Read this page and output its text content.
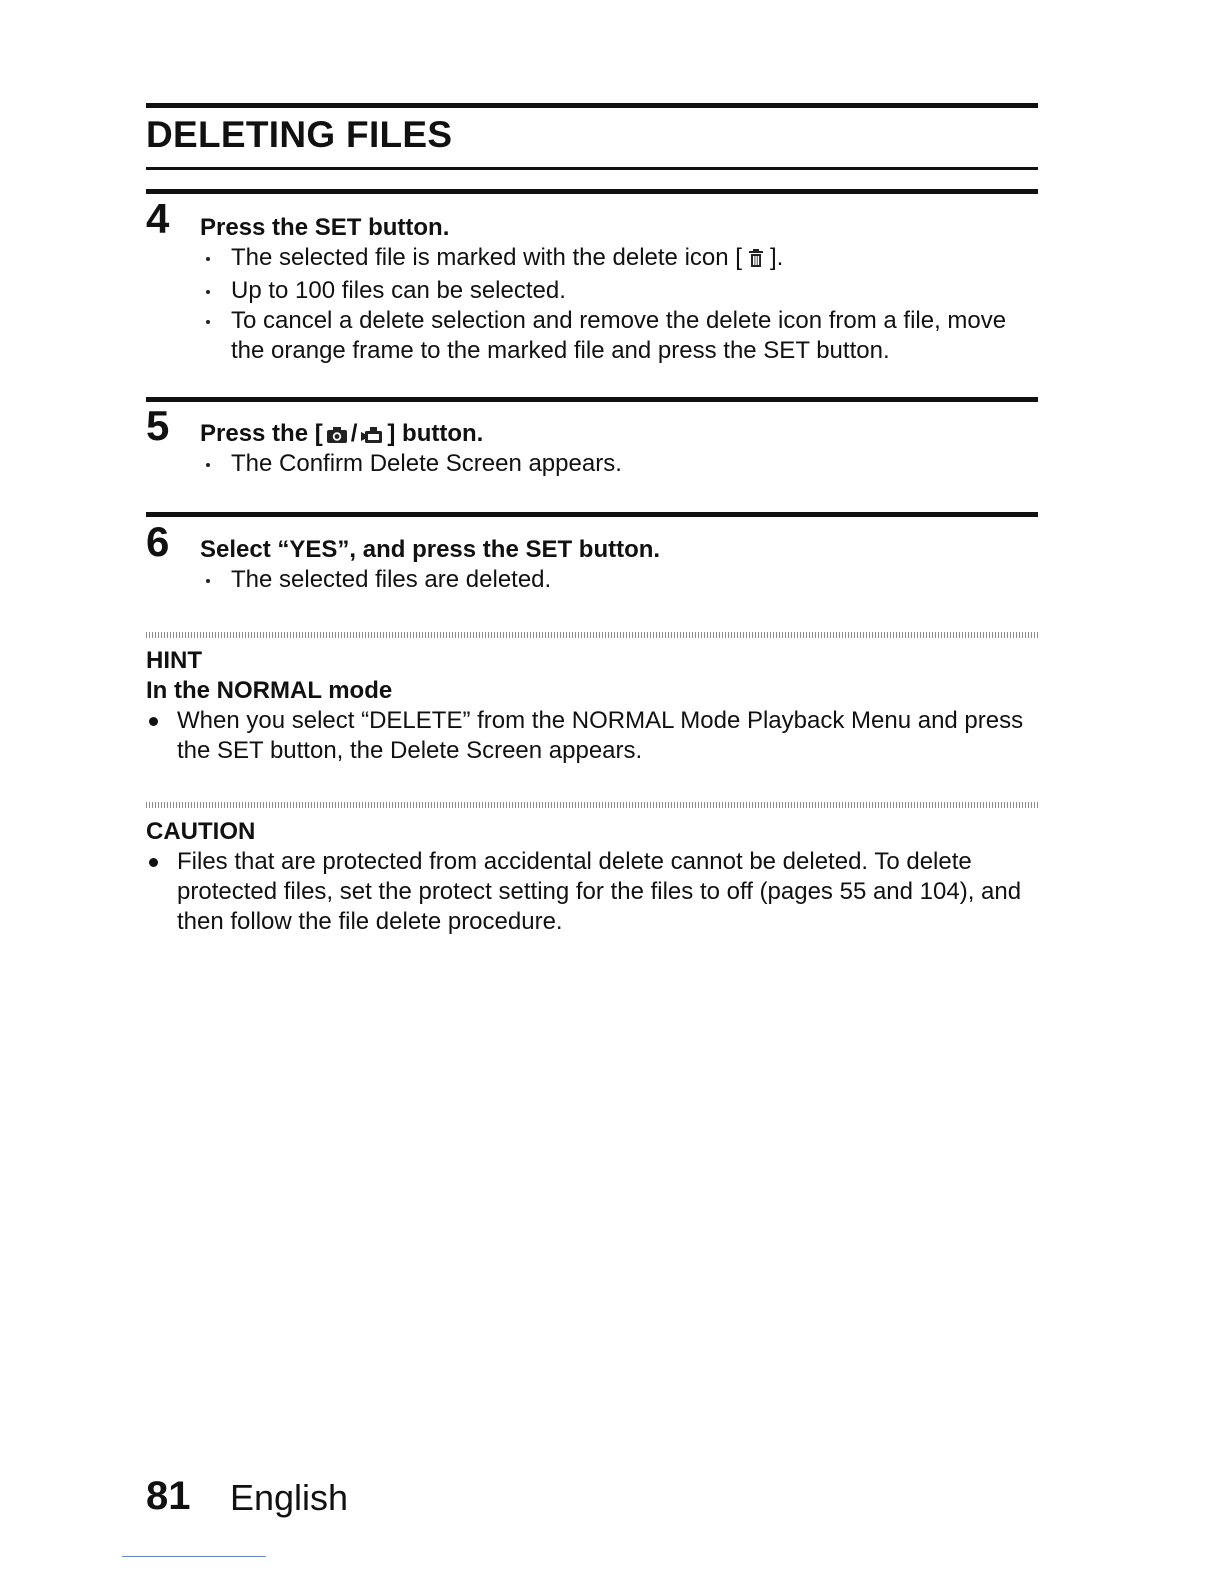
DELETING FILES
4 Press the SET button.
The selected file is marked with the delete icon [ ].
Up to 100 files can be selected.
To cancel a delete selection and remove the delete icon from a file, move the orange frame to the marked file and press the SET button.
5 Press the [ / ] button.
The Confirm Delete Screen appears.
6 Select “YES”, and press the SET button.
The selected files are deleted.
HINT
In the NORMAL mode
When you select “DELETE” from the NORMAL Mode Playback Menu and press the SET button, the Delete Screen appears.
CAUTION
Files that are protected from accidental delete cannot be deleted. To delete protected files, set the protect setting for the files to off (pages 55 and 104), and then follow the file delete procedure.
81 English
